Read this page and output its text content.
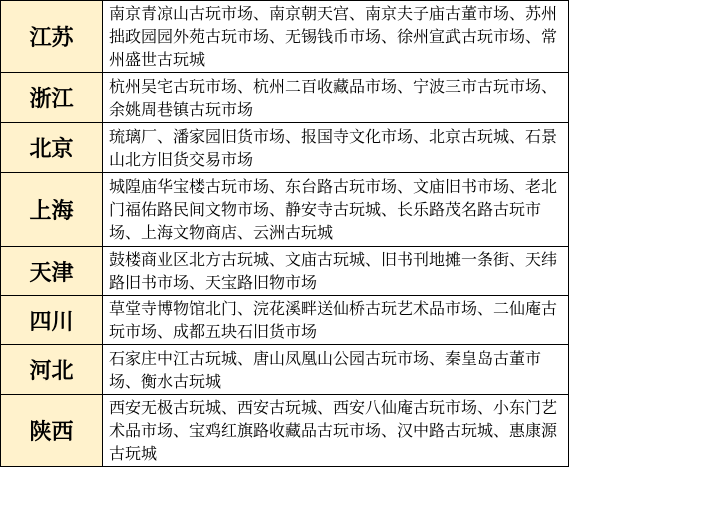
江苏	南京青凉山古玩市场、南京朝天宫、南京夫子庙古董市场、苏州拙政园园外苑古玩市场、无锡钱币市场、徐州宣武古玩市场、常州盛世古玩城
浙江	杭州吴宅古玩市场、杭州二百收藏品市场、宁波三市古玩市场、余姚周巷镇古玩市场
北京	琉璃厂、潘家园旧货市场、报国寺文化市场、北京古玩城、石景山北方旧货交易市场
上海	城隍庙华宝楼古玩市场、东台路古玩市场、文庙旧书市场、老北门福佑路民间文物市场、静安寺古玩城、长乐路茂名路古玩市场、上海文物商店、云洲古玩城
天津	鼓楼商业区北方古玩城、文庙古玩城、旧书刊地摊一条街、天纬路旧书市场、天宝路旧物市场
四川	草堂寺博物馆北门、浣花溪畔送仙桥古玩艺术品市场、二仙庵古玩市场、成都五块石旧货市场
河北	石家庄中江古玩城、唐山凤凰山公园古玩市场、秦皇岛古董市场、衡水古玩城
陕西	西安无极古玩城、西安古玩城、西安八仙庵古玩市场、小东门艺术品市场、宝鸡红旗路收藏品古玩市场、汉中路古玩城、惠康源古玩城
